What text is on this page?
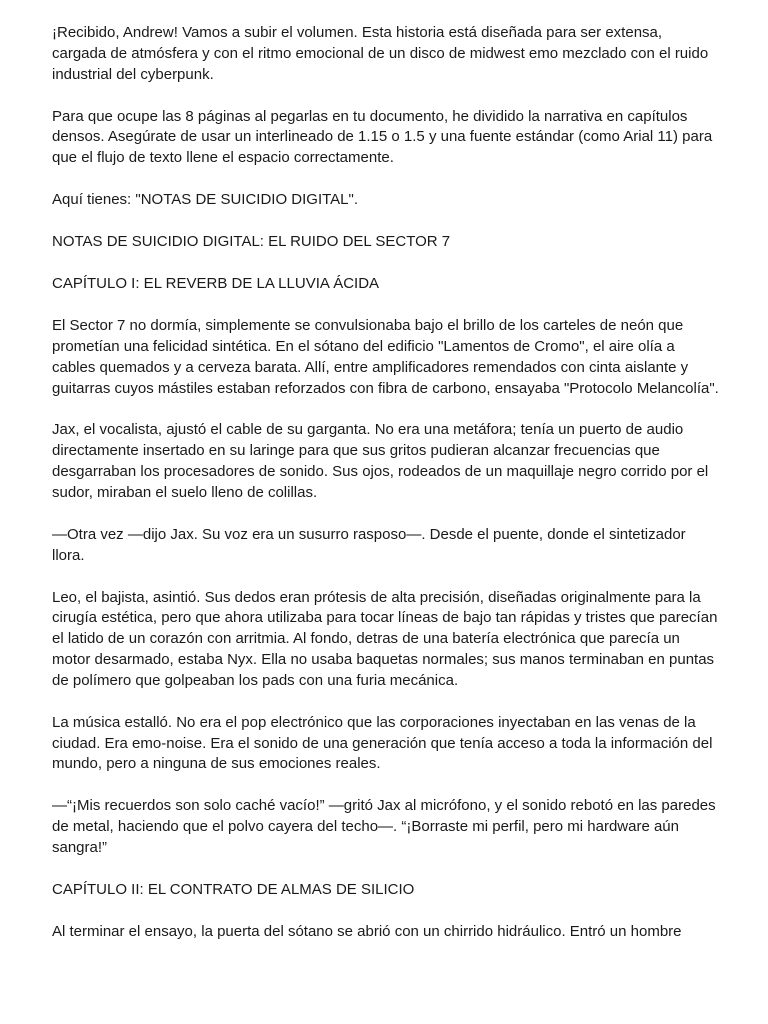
¡Recibido, Andrew! Vamos a subir el volumen. Esta historia está diseñada para ser extensa, cargada de atmósfera y con el ritmo emocional de un disco de midwest emo mezclado con el ruido industrial del cyberpunk.

Para que ocupe las 8 páginas al pegarlas en tu documento, he dividido la narrativa en capítulos densos. Asegúrate de usar un interlineado de 1.15 o 1.5 y una fuente estándar (como Arial 11) para que el flujo de texto llene el espacio correctamente.

Aquí tienes: "NOTAS DE SUICIDIO DIGITAL".

NOTAS DE SUICIDIO DIGITAL: EL RUIDO DEL SECTOR 7

CAPÍTULO I: EL REVERB DE LA LLUVIA ÁCIDA

El Sector 7 no dormía, simplemente se convulsionaba bajo el brillo de los carteles de neón que prometían una felicidad sintética. En el sótano del edificio "Lamentos de Cromo", el aire olía a cables quemados y a cerveza barata. Allí, entre amplificadores remendados con cinta aislante y guitarras cuyos mástiles estaban reforzados con fibra de carbono, ensayaba "Protocolo Melancolía".

Jax, el vocalista, ajustó el cable de su garganta. No era una metáfora; tenía un puerto de audio directamente insertado en su laringe para que sus gritos pudieran alcanzar frecuencias que desgarraban los procesadores de sonido. Sus ojos, rodeados de un maquillaje negro corrido por el sudor, miraban el suelo lleno de colillas.

—Otra vez —dijo Jax. Su voz era un susurro rasposo—. Desde el puente, donde el sintetizador llora.

Leo, el bajista, asintió. Sus dedos eran prótesis de alta precisión, diseñadas originalmente para la cirugía estética, pero que ahora utilizaba para tocar líneas de bajo tan rápidas y tristes que parecían el latido de un corazón con arritmia. Al fondo, detras de una batería electrónica que parecía un motor desarmado, estaba Nyx. Ella no usaba baquetas normales; sus manos terminaban en puntas de polímero que golpeaban los pads con una furia mecánica.

La música estalló. No era el pop electrónico que las corporaciones inyectaban en las venas de la ciudad. Era emo-noise. Era el sonido de una generación que tenía acceso a toda la información del mundo, pero a ninguna de sus emociones reales.

—“¡Mis recuerdos son solo caché vacío!” —gritó Jax al micrófono, y el sonido rebotó en las paredes de metal, haciendo que el polvo cayera del techo—. “¡Borraste mi perfil, pero mi hardware aún sangra!”

CAPÍTULO II: EL CONTRATO DE ALMAS DE SILICIO

Al terminar el ensayo, la puerta del sótano se abrió con un chirrido hidráulico. Entró un hombre
